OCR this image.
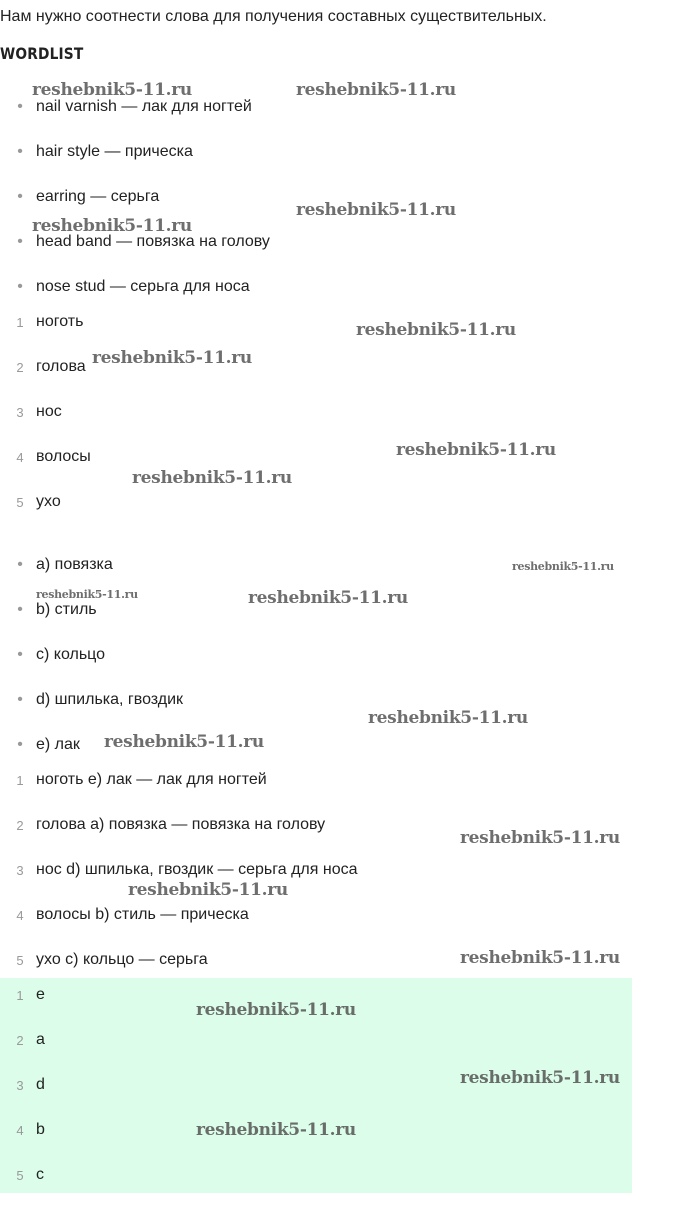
Нам нужно соотнести слова для получения составных существительных.
WORDLIST
• nail varnish — лак для ногтей
• hair style — прическа
• earring — серьга
• head band — повязка на голову
• nose stud — серьга для носа
1 ноготь
2 голова
3 нос
4 волосы
5 ухо
• a) повязка
• b) стиль
• c) кольцо
• d) шпилька, гвоздик
• e) лак
1 ноготь e) лак — лак для ногтей
2 голова a) повязка — повязка на голову
3 нос d) шпилька, гвоздик — серьга для носа
4 волосы b) стиль — прическа
5 ухо c) кольцо — серьга
1 e
2 a
3 d
4 b
5 c
reshebnik5-11.ru	reshebnik5-11.ru
reshebnik5-11.ru
reshebnik5-11.ru
reshebnik5-11.ru
reshebnik5-11.ru
reshebnik5-11.ru
reshebnik5-11.ru
reshebnik5-11.ru
reshebnik5-11.ru	reshebnik5-11.ru
reshebnik5-11.ru
reshebnik5-11.ru
reshebnik5-11.ru
reshebnik5-11.ru
reshebnik5-11.ru
reshebnik5-11.ru
reshebnik5-11.ru
reshebnik5-11.ru
